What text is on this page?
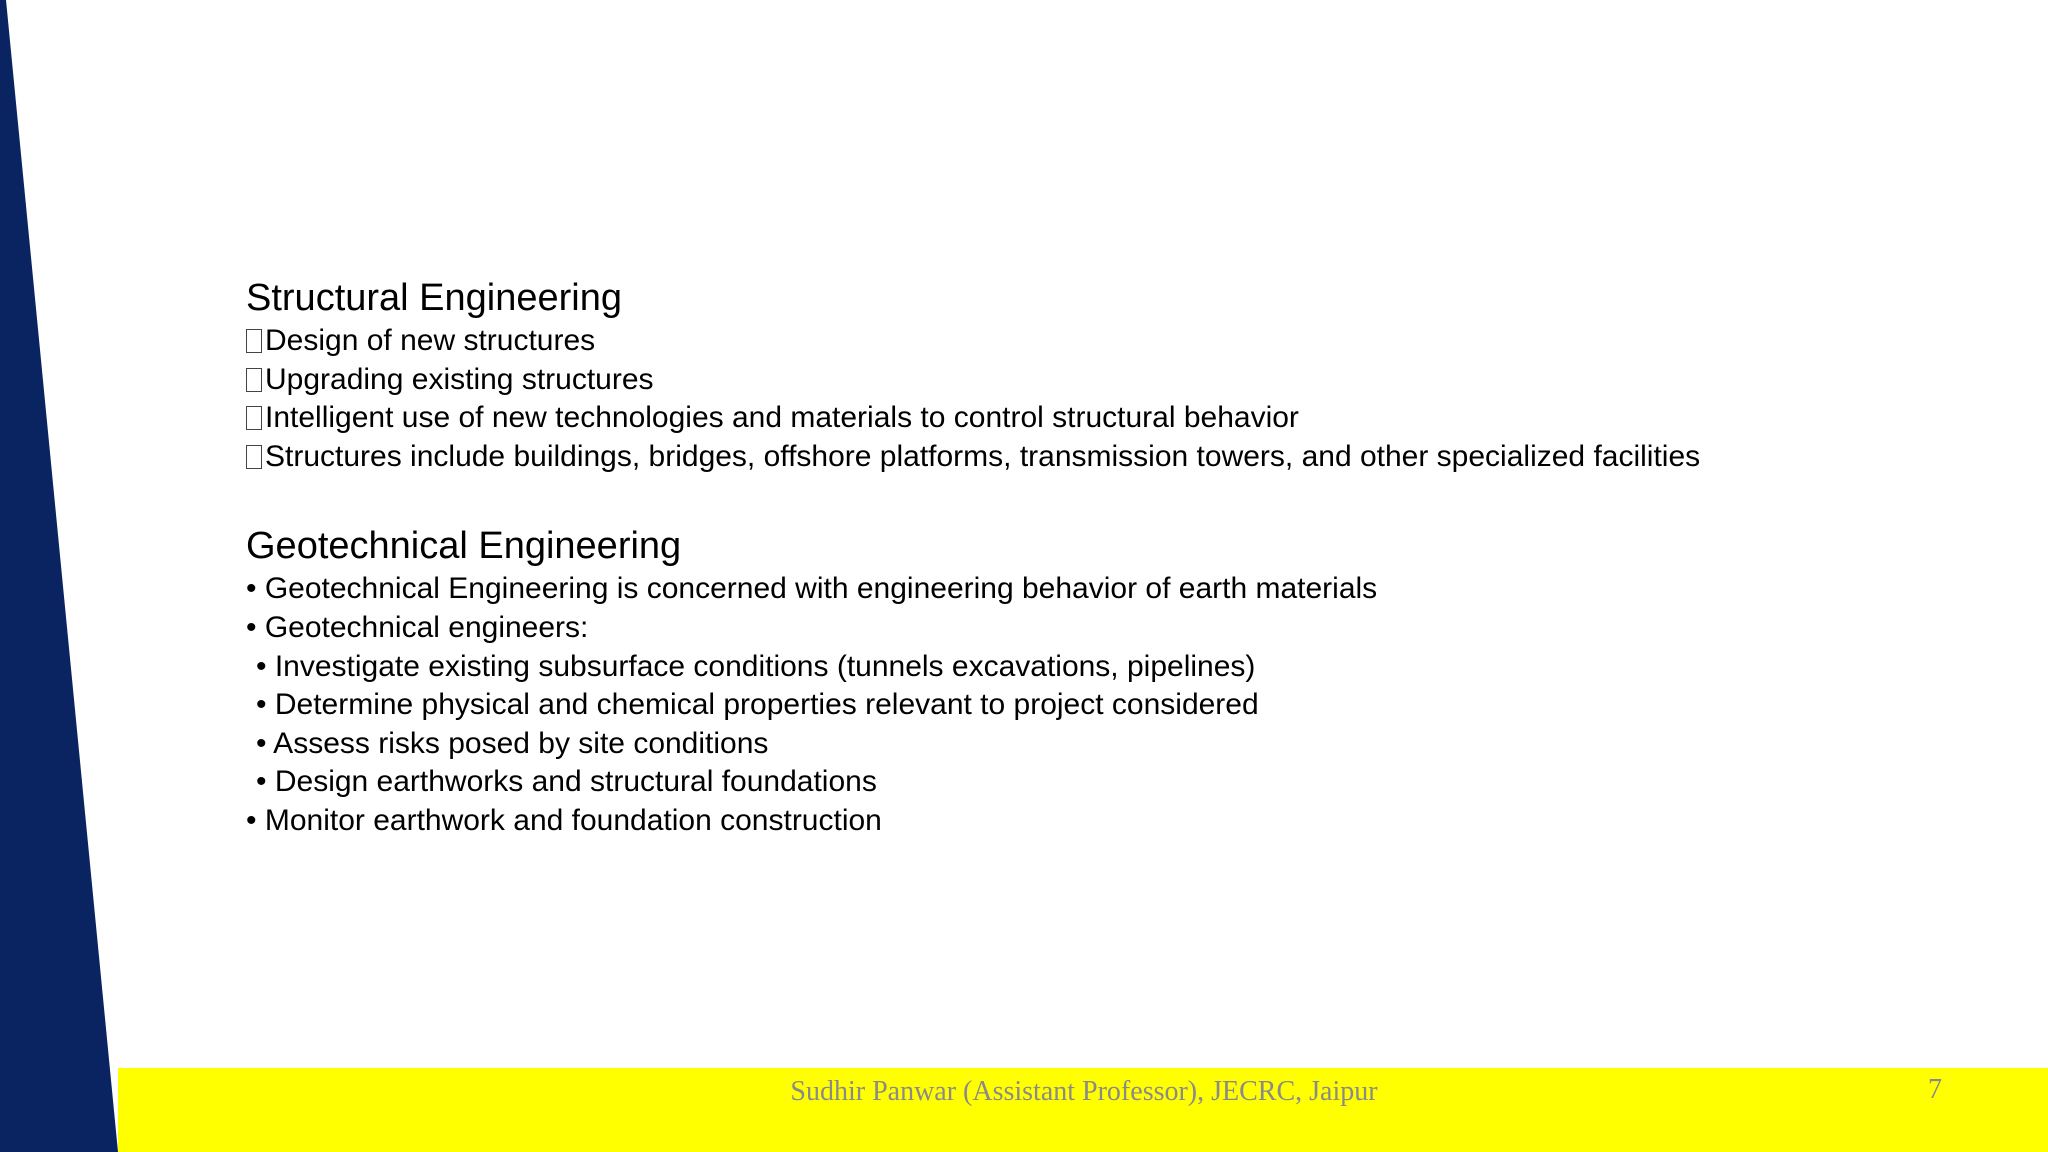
Structural Engineering
Design of new structures
Upgrading existing structures
Intelligent use of new technologies and materials to control structural behavior
Structures include buildings, bridges, offshore platforms, transmission towers, and other specialized facilities
Geotechnical Engineering
• Geotechnical Engineering is concerned with engineering behavior of earth materials
• Geotechnical engineers:
• Investigate existing subsurface conditions (tunnels excavations, pipelines)
• Determine physical and chemical properties relevant to project considered
• Assess risks posed by site conditions
• Design earthworks and structural foundations
• Monitor earthwork and foundation construction
Sudhir Panwar (Assistant Professor), JECRC, Jaipur	7
